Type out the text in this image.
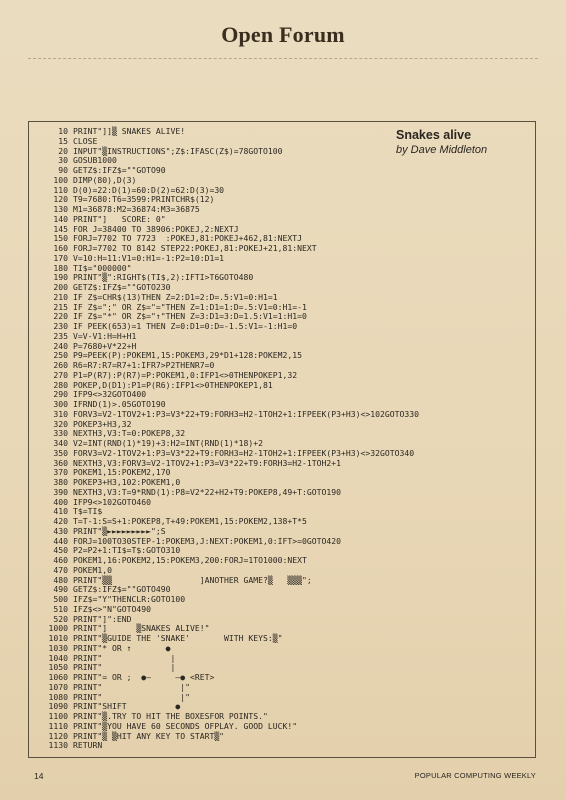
Open Forum
Snakes alive
by Dave Middleton
10 PRINT"]]▒ SNAKES ALIVE!
15 CLOSE
20 INPUT"▒INSTRUCTIONS";Z$:IFASC(Z$)=78GOTO100
30 GOSUB1000
90 GETZ$:IFZ$=""GOTO90
100 DIMP(80),D(3)
110 D(0)=22:D(1)=60:D(2)=62:D(3)=30
120 T9=7680:T6=3599:PRINTCHR$(12)
130 M1=36878:M2=36874:M3=36875
140 PRINT"]   SCORE: 0"
145 FOR J=38400 TO 38906:POKEJ,2:NEXTJ
150 FORJ=7702 TO 7723  :POKEJ,81:POKEJ+462,81:NEXTJ
160 FORJ=7702 TO 8142 STEP22:POKEJ,81:POKEJ+21,81:NEXT
170 V=10:H=11:V1=0:H1=-1:P2=10:D1=1
180 TI$="000000"
190 PRINT"▒":RIGHT$(TI$,2):IFTI>T6GOTO480
200 GETZ$:IFZ$=""GOTO230
210 IF Z$=CHR$(13)THEN Z=2:D1=2:D=.5:V1=0:H1=1
215 IF Z$=";" OR Z$="="THEN Z=1:D1=1:D=.5:V1=0:H1=-1
220 IF Z$="*" OR Z$="↑"THEN Z=3:D1=3:D=1.5:V1=1:H1=0
230 IF PEEK(653)=1 THEN Z=0:D1=0:D=-1.5:V1=-1:H1=0
235 V=V-V1:H=H+H1
240 P=7680+V*22+H
250 P9=PEEK(P):POKEM1,15:POKEM3,29*D1+128:POKEM2,15
260 R6=R7:R7=R7+1:IFR7>P2THENR7=0
270 P1=P(R7):P(R7)=P:POKEM1,0:IFP1<>0THENPOKEP1,32
280 POKEP,D(D1):P1=P(R6):IFP1<>0THENPOKEP1,81
290 IFP9<>32GOTO400
300 IFRND(1)>.05GOTO190
310 FORV3=V2-1TOV2+1:P3=V3*22+T9:FORH3=H2-1TOH2+1:IFPEEK(P3+H3)<>102GOTO330
320 POKEP3+H3,32
330 NEXTH3,V3:T=0:POKEP8,32
340 V2=INT(RND(1)*19)+3:H2=INT(RND(1)*18)+2
350 FORV3=V2-1TOV2+1:P3=V3*22+T9:FORH3=H2-1TOH2+1:IFPEEK(P3+H3)<>32GOTO340
360 NEXTH3,V3:FORV3=V2-1TOV2+1:P3=V3*22+T9:FORH3=H2-1TOH2+1
370 POKEM1,15:POKEM2,170
380 POKEP3+H3,102:POKEM1,0
390 NEXTH3,V3:T=9*RND(1):P8=V2*22+H2+T9:POKEP8,49+T:GOTO190
400 IFP9<>102GOTO460
410 T$=TI$
420 T=T-1:S=S+1:POKEP8,T+49:POKEM1,15:POKEM2,138+T*5
430 PRINT"▒►►►►►►►►►";S
440 FORJ=100TO30STEP-1:POKEM3,J:NEXT:POKEM1,0:IFT>=0GOTO420
450 P2=P2+1:TI$=T$:GOTO310
460 POKEM1,16:POKEM2,15:POKEM3,200:FORJ=1TO1000:NEXT
470 POKEM1,0
480 PRINT"▒▒                  ]ANOTHER GAME?▒   ▒▒▒";
490 GETZ$:IFZ$=""GOTO490
500 IFZ$="Y"THENCLR:GOTO100
510 IFZ$<>"N"GOTO490
520 PRINT"]":END
1000 PRINT"]      ▒SNAKES ALIVE!"
1010 PRINT"▒GUIDE THE 'SNAKE'       WITH KEYS:▒"
1030 PRINT"* OR ↑       ●
1040 PRINT"              |
1050 PRINT"              |
1060 PRINT"= OR ;  ●—     —● <RET>
1070 PRINT"                |"
1080 PRINT"                |"
1090 PRINT"SHIFT          ●
1100 PRINT"▒.TRY TO HIT THE BOXESFOR POINTS."
1110 PRINT"▒YOU HAVE 60 SECONDS OFPLAY. GOOD LUCK!"
1120 PRINT"▒ ▒HIT ANY KEY TO START▒"
1130 RETURN
14	POPULAR COMPUTING WEEKLY
